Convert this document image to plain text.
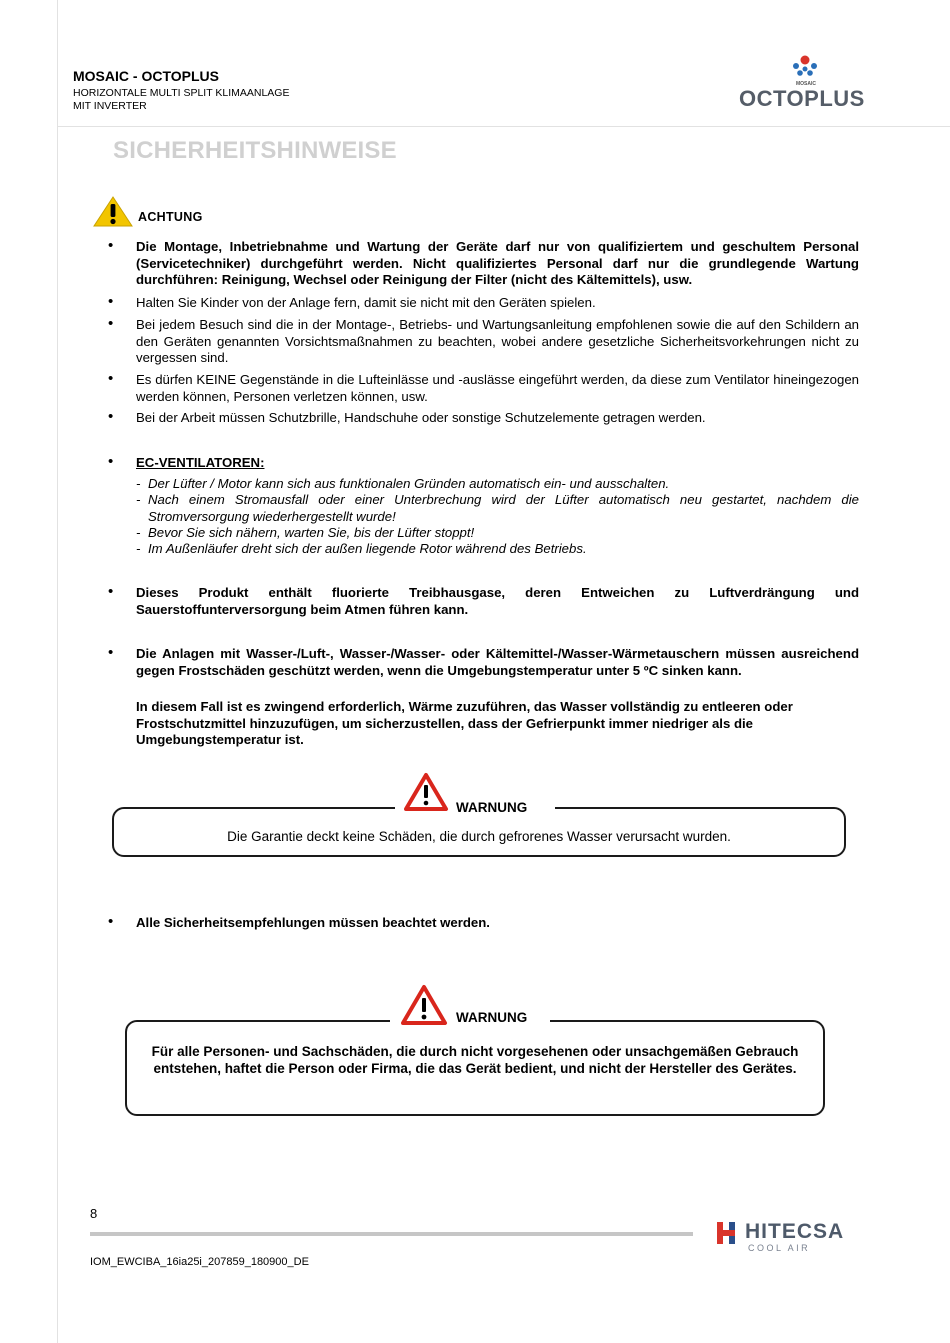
MOSAIC - OCTOPLUS
HORIZONTALE MULTI SPLIT KLIMAANLAGE
MIT INVERTER
MOSAIC
OCTOPLUS
SICHERHEITSHINWEISE
ACHTUNG
• Die Montage, Inbetriebnahme und Wartung der Geräte darf nur von qualifiziertem und geschultem Personal (Servicetechniker) durchgeführt werden. Nicht qualifiziertes Personal darf nur die grundlegende Wartung durchführen: Reinigung, Wechsel oder Reinigung der Filter (nicht des Kältemittels), usw.
• Halten Sie Kinder von der Anlage fern, damit sie nicht mit den Geräten spielen.
• Bei jedem Besuch sind die in der Montage-, Betriebs- und Wartungsanleitung empfohlenen sowie die auf den Schildern an den Geräten genannten Vorsichtsmaßnahmen zu beachten, wobei andere gesetzliche Sicherheitsvorkehrungen nicht zu vergessen sind.
• Es dürfen KEINE Gegenstände in die Lufteinlässe und -auslässe eingeführt werden, da diese zum Ventilator hineingezogen werden können, Personen verletzen können, usw.
• Bei der Arbeit müssen Schutzbrille, Handschuhe oder sonstige Schutzelemente getragen werden.
• EC-VENTILATOREN:
- Der Lüfter / Motor kann sich aus funktionalen Gründen automatisch ein- und ausschalten.
- Nach einem Stromausfall oder einer Unterbrechung wird der Lüfter automatisch neu gestartet, nachdem die Stromversorgung wiederhergestellt wurde!
- Bevor Sie sich nähern, warten Sie, bis der Lüfter stoppt!
- Im Außenläufer dreht sich der außen liegende Rotor während des Betriebs.
• Dieses Produkt enthält fluorierte Treibhausgase, deren Entweichen zu Luftverdrängung und Sauerstoffunterversorgung beim Atmen führen kann.
• Die Anlagen mit Wasser-/Luft-, Wasser-/Wasser- oder Kältemittel-/Wasser-Wärmetauschern müssen ausreichend gegen Frostschäden geschützt werden, wenn die Umgebungstemperatur unter 5 ºC sinken kann.
In diesem Fall ist es zwingend erforderlich, Wärme zuzuführen, das Wasser vollständig zu entleeren oder Frostschutzmittel hinzuzufügen, um sicherzustellen, dass der Gefrierpunkt immer niedriger als die Umgebungstemperatur ist.
WARNUNG
Die Garantie deckt keine Schäden, die durch gefrorenes Wasser verursacht wurden.
• Alle Sicherheitsempfehlungen müssen beachtet werden.
WARNUNG
Für alle Personen- und Sachschäden, die durch nicht vorgesehenen oder unsachgemäßen Gebrauch entstehen, haftet die Person oder Firma, die das Gerät bedient, und nicht der Hersteller des Gerätes.
8
IOM_EWCIBA_16ia25i_207859_180900_DE
HITECSA
COOL AIR
